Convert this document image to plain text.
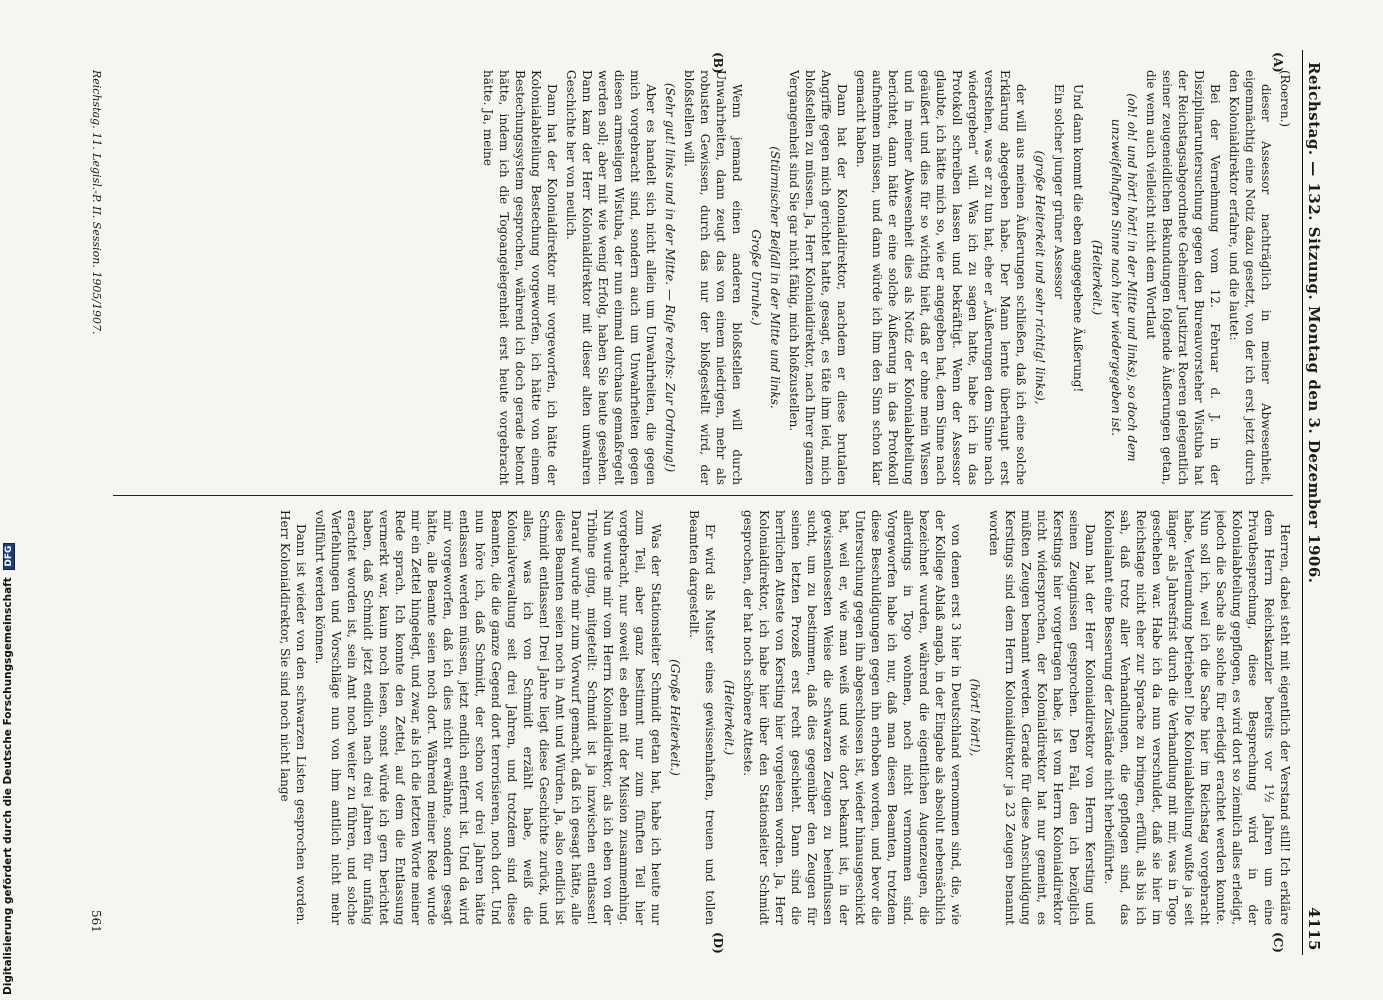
Reichstag. — 132. Sitzung. Montag den 3. Dezember 1906.
4115
(A)
(B)
(C)
(D)

(Roeren.)

dieser Assessor nachträglich in meiner Abwesenheit, eigenmächtig eine Notiz dazu gesetzt, von der ich erst jetzt durch den Kolonialdirektor erfahre, und die lautet:

Bei der Vernehmung vom 12. Februar d. J. in der Disziplinaruntersuchung gegen den Bureauvorsteher Wistuba hat der Reichstagsabgeordnete Geheimer Justizrat Roeren gelegentlich seiner zeugeneidlichen Bekundungen folgende Äußerungen getan, die wenn auch vielleicht nicht dem Wortlaut

(oh! oh! und hört! hört! in der Mitte und links), so doch dem unzweifelhaften Sinne nach hier wiedergegeben ist.

(Heiterkeit.)

Und dann kommt die eben angegebene Äußerung!

Ein solcher junger grüner Assessor

(große Heiterkeit und sehr richtig! links),

der will aus meinen Äußerungen schließen, daß ich eine solche Erklärung abgegeben habe. Der Mann lernte überhaupt erst verstehen, was er zu tun hat, ehe er „Äußerungen dem Sinne nach wiedergeben“ will. Was ich zu sagen hatte, habe ich in das Protokoll schreiben lassen und bekräftigt. Wenn der Assessor glaubte, ich hätte mich so, wie er angegeben hat, dem Sinne nach geäußert und dies für so wichtig hielt, daß er ohne mein Wissen und in meiner Abwesenheit dies als Notiz der Kolonialabteilung berichtet, dann hätte er eine solche Äußerung in das Protokoll aufnehmen müssen, und dann würde ich ihm den Sinn schon klar gemacht haben.

Dann hat der Kolonialdirektor, nachdem er diese brutalen Angriffe gegen mich gerichtet hatte, gesagt, es täte ihm leid, mich bloßstellen zu müssen. Ja, Herr Kolonialdirektor, nach Ihrer ganzen Vergangenheit sind Sie gar nicht fähig, mich bloßzustellen.

(Stürmischer Beifall in der Mitte und links.

Große Unruhe.)

Wenn jemand einen anderen bloßstellen will durch Unwahrheiten, dann zeugt das von einem niedrigen, mehr als robusten Gewissen, durch das nur der bloßgestellt wird, der bloßstellen will.

(Sehr gut! links und in der Mitte. — Rufe rechts: Zur Ordnung!)

Aber es handelt sich nicht allein um Unwahrheiten, die gegen mich vorgebracht sind, sondern auch um Unwahrheiten gegen diesen armseligen Wistuba, der nun einmal durchaus gemaßregelt werden soll; aber mit wie wenig Erfolg, haben Sie heute gesehen. Dann kam der Herr Kolonialdirektor mit dieser alten unwahren Geschichte her von neulich.

Dann hat der Kolonialdirektor mir vorgeworfen, ich hätte der Kolonialabteilung Bestechung vorgeworfen, ich hätte von einem Bestechungssystem gesprochen, während ich doch gerade betont hätte, indem ich die Togoangelegenheit erst heute vorgebracht hätte. Ja, meine

Herren, dabei steht mit eigentlich der Verstand still! Ich erkläre dem Herrn Reichskanzler bereits vor 1½ Jahren um eine Privatbesprechung, diese Besprechung wird in der Kolonialabteilung gepflogen, es wird dort so ziemlich alles erledigt, jedoch die Sache als solche für erledigt erachtet werden konnte. Nun soll ich, weil ich die Sache hier im Reichstag vorgebracht habe, Verleumdung betrieben! Die Kolonialabteilung wußte ja seit länger als Jahresfrist durch die Verhandlung mit mir, was in Togo geschehen war. Habe ich da nun verschuldet, daß sie hier im Reichstage nicht eher zur Sprache zu bringen, erfüllt, als bis ich sah, daß trotz aller Verhandlungen, die gepflogen sind, das Kolonialamt eine Besserung der Zustände nicht herbeiführte.

Dann hat der Herr Kolonialdirektor von Herrn Kersting und seinen Zeugnissen gesprochen. Den Fall, den ich bezüglich Kerstings hier vorgetragen habe, ist vom Herrn Kolonialdirektor nicht widersprochen, der Kolonialdirektor hat nur gemeint, es müßten Zeugen benannt werden. Gerade für diese Anschuldigung Kerstings sind dem Herrn Kolonialdirektor ja 23 Zeugen benannt worden

(hört! hört!),

von denen erst 3 hier in Deutschland vernommen sind, die, wie der Kollege Ablaß angab, in der Eingabe als absolut nebensächlich bezeichnet wurden, während die eigentlichen Augenzeugen, die allerdings in Togo wohnen, noch nicht vernommen sind. Vorgeworfen habe ich nur, daß man diesen Beamten, trotzdem diese Beschuldigungen gegen ihn erhoben worden, und bevor die Untersuchung gegen ihn abgeschlossen ist, wieder hinausgeschickt hat, weil er, wie man weiß und wie dort bekannt ist, in der gewissenlosesten Weise die schwarzen Zeugen zu beeinflussen sucht, um zu bestimmen, daß dies gegenüber den Zeugen für seinen letzten Prozeß erst recht geschieht. Dann sind die herrlichen Atteste von Kersting hier vorgelesen worden. Ja, Herr Kolonialdirektor, ich habe hier über den Stationsleiter Schmidt gesprochen, der hat noch schönere Atteste.

(Heiterkeit.)

Er wird als Muster eines gewissenhaften, treuen und tollen Beamten dargestellt.

(Große Heiterkeit.)

Was der Stationsleiter Schmidt getan hat, habe ich heute nur zum Teil, aber ganz bestimmt nur zum fünften Teil hier vorgebracht, nur soweit es eben mit der Mission zusammenhing. Nun wurde mir vom Herrn Kolonialdirektor, als ich eben von der Tribüne ging, mitgeteilt: Schmidt ist ja inzwischen entlassen! Darauf wurde mir zum Vorwurf gemacht, daß ich gesagt hätte, alle diese Beamten seien noch in Amt und Würden. Ja, also endlich ist Schmidt entlassen! Drei Jahre liegt diese Geschichte zurück, und alles, was ich von Schmidt erzählt habe, weiß die Kolonialverwaltung seit drei Jahren, und trotzdem sind diese Beamten, die die ganze Gegend dort terrorisieren, noch dort. Und nun höre ich, daß Schmidt, der schon vor drei Jahren hätte entlassen werden müssen, jetzt endlich entfernt ist. Und da wird mir vorgeworfen, daß ich dies nicht erwähnte, sondern gesagt hätte, alle Beamte seien noch dort. Während meiner Rede wurde mir ein Zettel hingelegt, und zwar, als ich die letzten Worte meiner Rede sprach. Ich konnte den Zettel, auf dem die Entlassung vermerkt war, kaum noch lesen, sonst würde ich gern berichtet haben, daß Schmidt jetzt endlich nach drei Jahren für unfähig erachtet worden ist, sein Amt noch weiter zu führen, und solche Verfehlungen und Vorschläge nun von ihm amtlich nicht mehr vollführt werden können.

Dann ist wieder von den schwarzen Listen gesprochen worden. Herr Kolonialdirektor, Sie sind noch nicht lange

Reichstag. 11. Legisl.-P. II. Session. 1905/1907.
561
Digitalisierung gefördert durch die Deutsche Forschungsgemeinschaft DFG
